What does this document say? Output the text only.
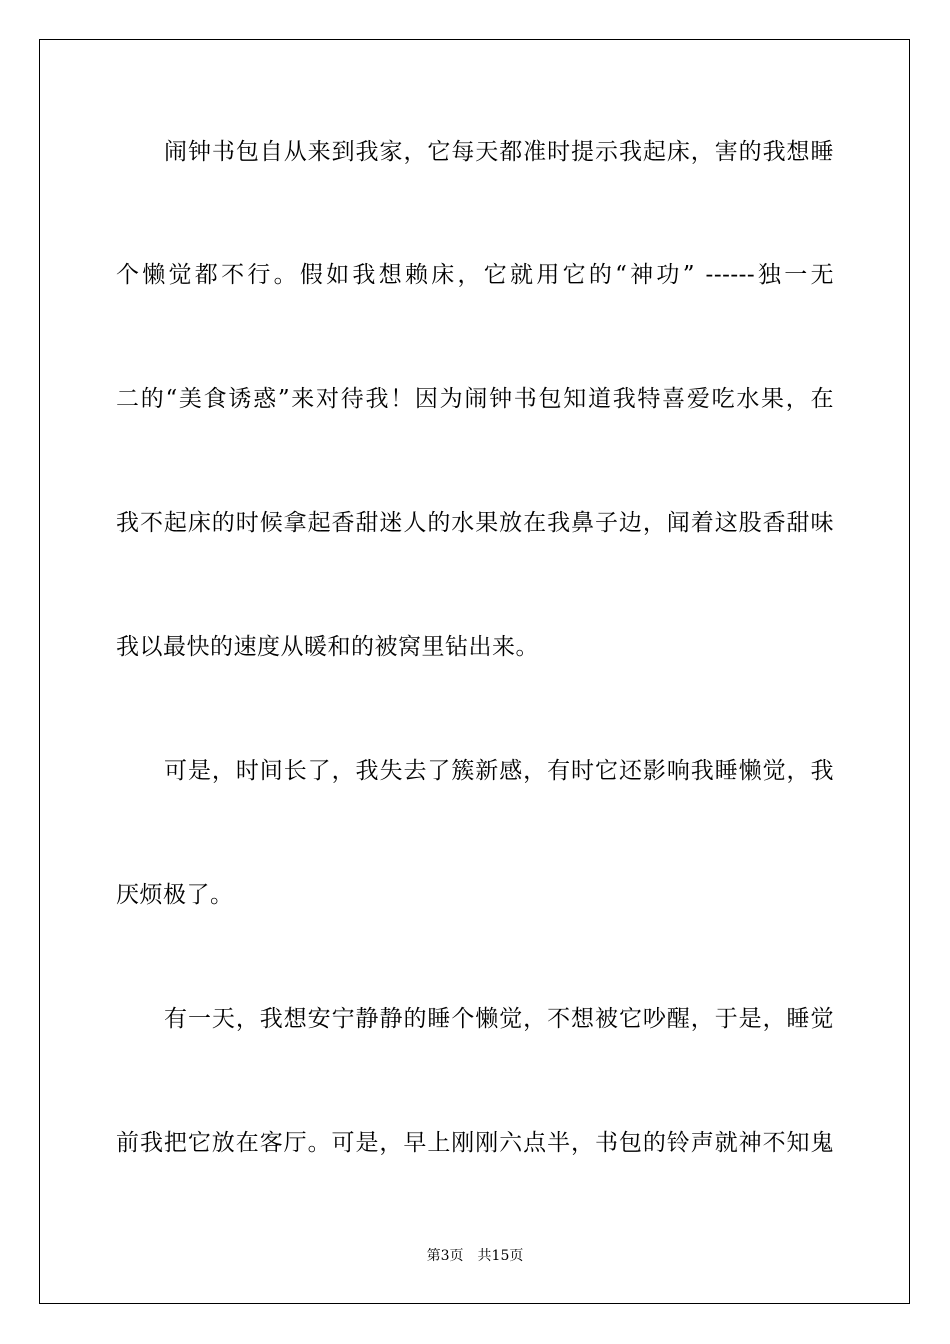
闹钟书包自从来到我家，它每天都准时提示我起床，害的我想睡
个懒觉都不行。假如我想赖床，它就用它的“神功” ------独一无
二的“美食诱惑”来对待我！因为闹钟书包知道我特喜爱吃水果，在
我不起床的时候拿起香甜迷人的水果放在我鼻子边，闻着这股香甜味
我以最快的速度从暖和的被窝里钻出来。
可是，时间长了，我失去了簇新感，有时它还影响我睡懒觉，我
厌烦极了。
有一天，我想安宁静静的睡个懒觉，不想被它吵醒，于是，睡觉
前我把它放在客厅。可是，早上刚刚六点半，书包的铃声就神不知鬼
第3页 共15页
